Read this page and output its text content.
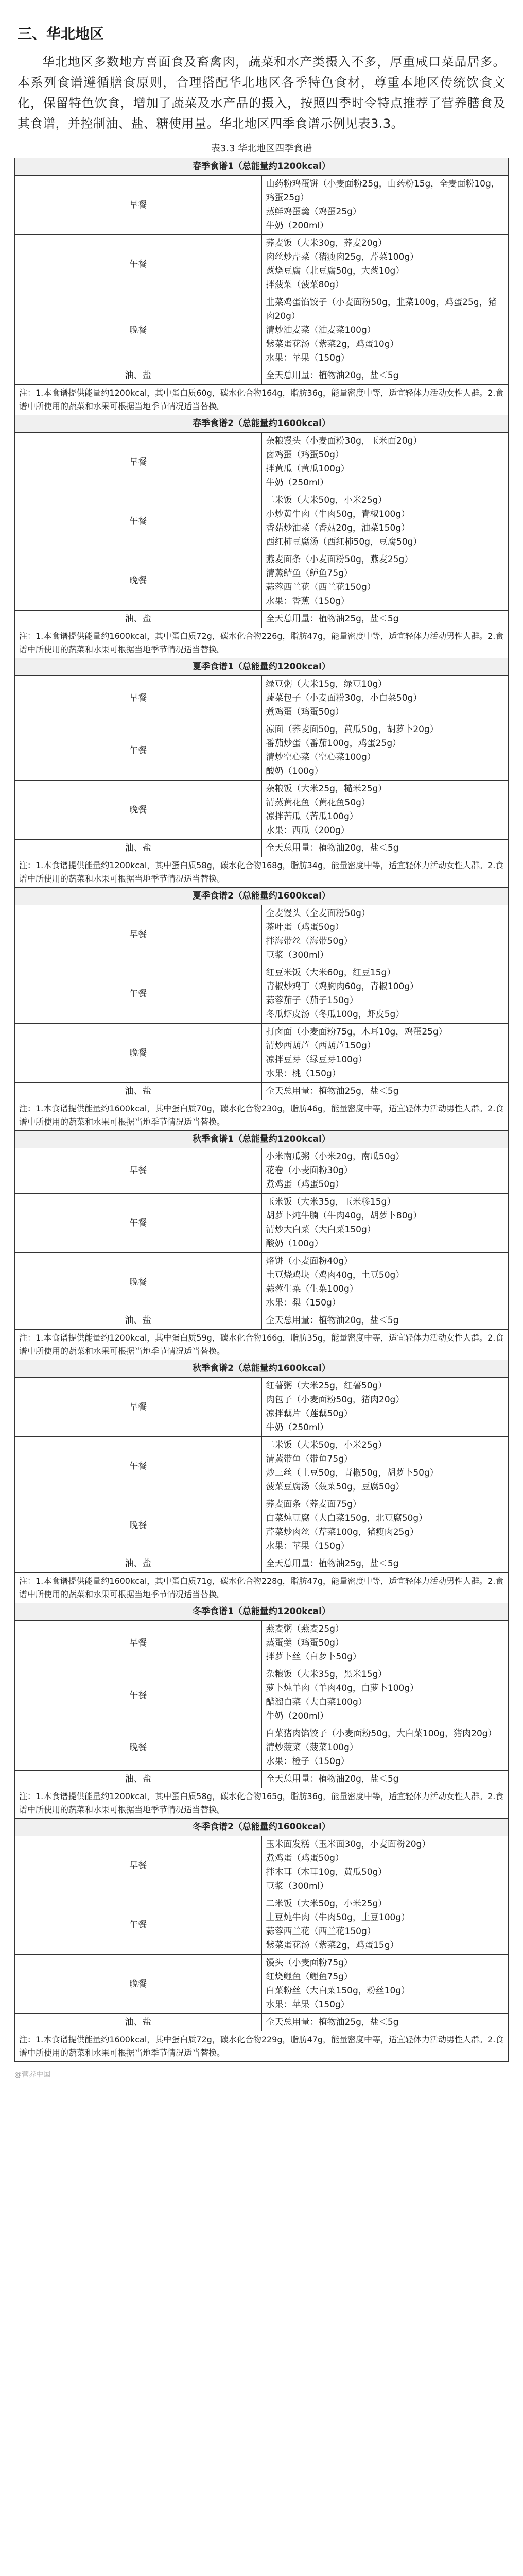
三、华北地区

华北地区多数地方喜面食及畜禽肉，蔬菜和水产类摄入不多，厚重咸口菜品居多。本系列食谱遵循膳食原则，合理搭配华北地区各季特色食材，尊重本地区传统饮食文化，保留特色饮食，增加了蔬菜及水产品的摄入，按照四季时令特点推荐了营养膳食及其食谱，并控制油、盐、糖使用量。华北地区四季食谱示例见表3.3。

表3.3 华北地区四季食谱
春季食谱1（总能量约1200kcal）	
早餐	山药粉鸡蛋饼（小麦面粉25g，山药粉15g，全麦面粉10g，鸡蛋25g）
蒸鲜鸡蛋羹（鸡蛋25g）
牛奶（200ml）

午餐	荞麦饭（大米30g，荞麦20g）
肉丝炒芹菜（猪瘦肉25g，芹菜100g）
葱烧豆腐（北豆腐50g，大葱10g）
拌菠菜（菠菜80g）

晚餐	韭菜鸡蛋馅饺子（小麦面粉50g，韭菜100g，鸡蛋25g，猪肉20g）
清炒油麦菜（油麦菜100g）
紫菜蛋花汤（紫菜2g，鸡蛋10g）
水果：苹果（150g）

油、盐	全天总用量：植物油20g，盐＜5g
注：1.本食谱提供能量约1200kcal，其中蛋白质60g，碳水化合物164g，脂肪36g，能量密度中等，适宜轻体力活动女性人群。2.食谱中所使用的蔬菜和水果可根据当地季节情况适当替换。	
春季食谱2（总能量约1600kcal）	
早餐	杂粮馒头（小麦面粉30g，玉米面20g）
卤鸡蛋（鸡蛋50g）
拌黄瓜（黄瓜100g）
牛奶（250ml）

午餐	二米饭（大米50g，小米25g）
小炒黄牛肉（牛肉50g，青椒100g）
香菇炒油菜（香菇20g，油菜150g）
西红柿豆腐汤（西红柿50g，豆腐50g）

晚餐	燕麦面条（小麦面粉50g，燕麦25g）
清蒸鲈鱼（鲈鱼75g）
蒜蓉西兰花（西兰花150g）
水果：香蕉（150g）

油、盐	全天总用量：植物油25g，盐＜5g
注：1.本食谱提供能量约1600kcal，其中蛋白质72g，碳水化合物226g，脂肪47g，能量密度中等，适宜轻体力活动男性人群。2.食谱中所使用的蔬菜和水果可根据当地季节情况适当替换。	
夏季食谱1（总能量约1200kcal）	
早餐	绿豆粥（大米15g，绿豆10g）
蔬菜包子（小麦面粉30g，小白菜50g）
煮鸡蛋（鸡蛋50g）

午餐	凉面（荞麦面50g，黄瓜50g，胡萝卜20g）
番茄炒蛋（番茄100g，鸡蛋25g）
清炒空心菜（空心菜100g）
酸奶（100g）

晚餐	杂粮饭（大米25g，糙米25g）
清蒸黄花鱼（黄花鱼50g）
凉拌苦瓜（苦瓜100g）
水果：西瓜（200g）

油、盐	全天总用量：植物油20g，盐＜5g
注：1.本食谱提供能量约1200kcal，其中蛋白质58g，碳水化合物168g，脂肪34g，能量密度中等，适宜轻体力活动女性人群。2.食谱中所使用的蔬菜和水果可根据当地季节情况适当替换。	
夏季食谱2（总能量约1600kcal）	
早餐	全麦馒头（全麦面粉50g）
茶叶蛋（鸡蛋50g）
拌海带丝（海带50g）
豆浆（300ml）

午餐	红豆米饭（大米60g，红豆15g）
青椒炒鸡丁（鸡胸肉60g，青椒100g）
蒜蓉茄子（茄子150g）
冬瓜虾皮汤（冬瓜100g，虾皮5g）

晚餐	打卤面（小麦面粉75g，木耳10g，鸡蛋25g）
清炒西葫芦（西葫芦150g）
凉拌豆芽（绿豆芽100g）
水果：桃（150g）

油、盐	全天总用量：植物油25g，盐＜5g
注：1.本食谱提供能量约1600kcal，其中蛋白质70g，碳水化合物230g，脂肪46g，能量密度中等，适宜轻体力活动男性人群。2.食谱中所使用的蔬菜和水果可根据当地季节情况适当替换。	
秋季食谱1（总能量约1200kcal）	
早餐	小米南瓜粥（小米20g，南瓜50g）
花卷（小麦面粉30g）
煮鸡蛋（鸡蛋50g）

午餐	玉米饭（大米35g，玉米糁15g）
胡萝卜炖牛腩（牛肉40g，胡萝卜80g）
清炒大白菜（大白菜150g）
酸奶（100g）

晚餐	烙饼（小麦面粉40g）
土豆烧鸡块（鸡肉40g，土豆50g）
蒜蓉生菜（生菜100g）
水果：梨（150g）

油、盐	全天总用量：植物油20g，盐＜5g
注：1.本食谱提供能量约1200kcal，其中蛋白质59g，碳水化合物166g，脂肪35g，能量密度中等，适宜轻体力活动女性人群。2.食谱中所使用的蔬菜和水果可根据当地季节情况适当替换。	
秋季食谱2（总能量约1600kcal）	
早餐	红薯粥（大米25g，红薯50g）
肉包子（小麦面粉50g，猪肉20g）
凉拌藕片（莲藕50g）
牛奶（250ml）

午餐	二米饭（大米50g，小米25g）
清蒸带鱼（带鱼75g）
炒三丝（土豆50g，青椒50g，胡萝卜50g）
菠菜豆腐汤（菠菜50g，豆腐50g）

晚餐	荞麦面条（荞麦面75g）
白菜炖豆腐（大白菜150g，北豆腐50g）
芹菜炒肉丝（芹菜100g，猪瘦肉25g）
水果：苹果（150g）

油、盐	全天总用量：植物油25g，盐＜5g
注：1.本食谱提供能量约1600kcal，其中蛋白质71g，碳水化合物228g，脂肪47g，能量密度中等，适宜轻体力活动男性人群。2.食谱中所使用的蔬菜和水果可根据当地季节情况适当替换。	
冬季食谱1（总能量约1200kcal）	
早餐	燕麦粥（燕麦25g）
蒸蛋羹（鸡蛋50g）
拌萝卜丝（白萝卜50g）

午餐	杂粮饭（大米35g，黑米15g）
萝卜炖羊肉（羊肉40g，白萝卜100g）
醋溜白菜（大白菜100g）
牛奶（200ml）

晚餐	白菜猪肉馅饺子（小麦面粉50g，大白菜100g，猪肉20g）
清炒菠菜（菠菜100g）
水果：橙子（150g）

油、盐	全天总用量：植物油20g，盐＜5g
注：1.本食谱提供能量约1200kcal，其中蛋白质58g，碳水化合物165g，脂肪36g，能量密度中等，适宜轻体力活动女性人群。2.食谱中所使用的蔬菜和水果可根据当地季节情况适当替换。	
冬季食谱2（总能量约1600kcal）	
早餐	玉米面发糕（玉米面30g，小麦面粉20g）
煮鸡蛋（鸡蛋50g）
拌木耳（木耳10g，黄瓜50g）
豆浆（300ml）

午餐	二米饭（大米50g，小米25g）
土豆炖牛肉（牛肉50g，土豆100g）
蒜蓉西兰花（西兰花150g）
紫菜蛋花汤（紫菜2g，鸡蛋15g）

晚餐	馒头（小麦面粉75g）
红烧鲤鱼（鲤鱼75g）
白菜粉丝（大白菜150g，粉丝10g）
水果：苹果（150g）

油、盐	全天总用量：植物油25g，盐＜5g
注：1.本食谱提供能量约1600kcal，其中蛋白质72g，碳水化合物229g，脂肪47g，能量密度中等，适宜轻体力活动男性人群。2.食谱中所使用的蔬菜和水果可根据当地季节情况适当替换。	
@营养中国
